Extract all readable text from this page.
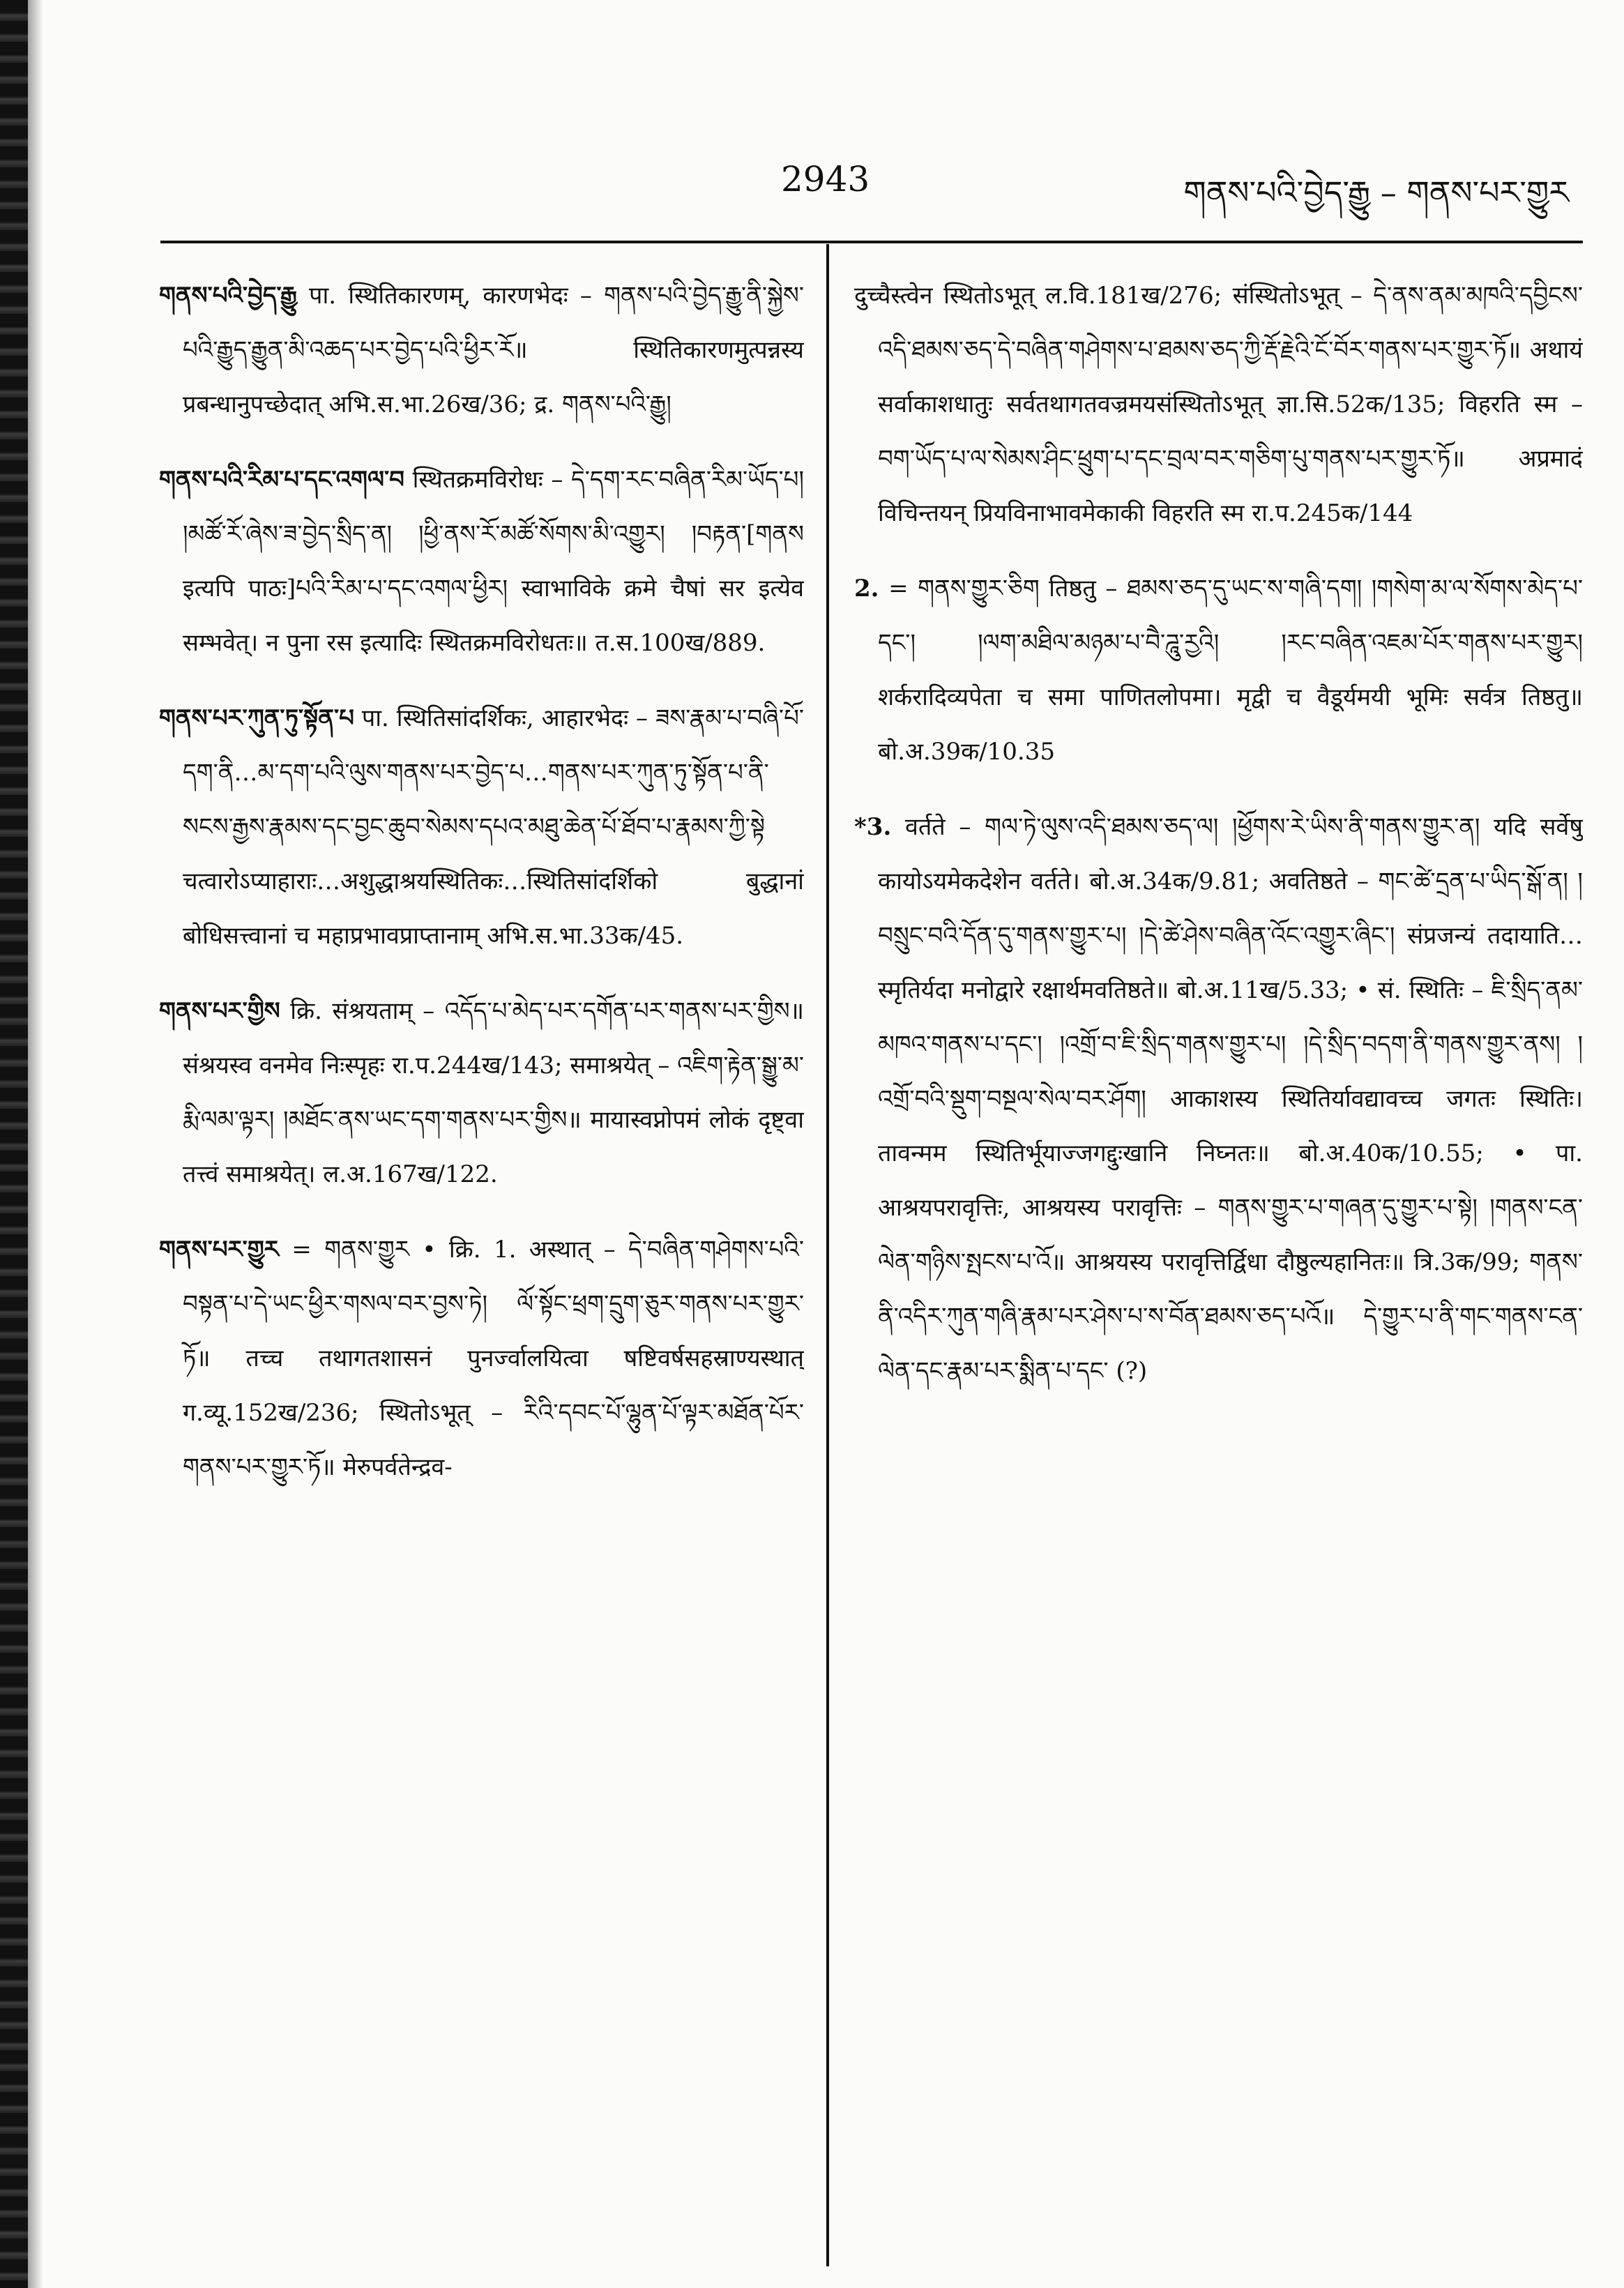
2943	གནས་པའི་བྱེད་རྒྱུ – གནས་པར་གྱུར

གནས་པའི་བྱེད་རྒྱུ पा. स्थितिकारणम्, कारणभेदः – གནས་པའི་བྱེད་རྒྱུ་ནི་སྐྱེས་པའི་རྒྱུད་རྒྱུན་མི་འཆད་པར་བྱེད་པའི་ཕྱིར་རོ॥ स्थितिकारणमुत्पन्नस्य प्रबन्धानुपच्छेदात् अभि.स.भा.26ख/36; द्र. གནས་པའི་རྒྱུ།

གནས་པའི་རིམ་པ་དང་འགལ་བ स्थितक्रमविरोधः – དེ་དག་རང་བཞིན་རིམ་ཡོད་པ། །མཚོ་རོ་ཞེས་ཟ་བྱེད་སྲིད་ན། །ཕྱི་ནས་རོ་མཚོ་སོགས་མི་འགྱུར། །བརྟན་[གནས इत्यपि पाठः]པའི་རིམ་པ་དང་འགལ་ཕྱིར། स्वाभाविके क्रमे चैषां सर इत्येव सम्भवेत्। न पुना रस इत्यादिः स्थितक्रमविरोधतः॥ त.स.100ख/889.

གནས་པར་ཀུན་ཏུ་སྟོན་པ पा. स्थितिसांदर्शिकः, आहारभेदः – ཟས་རྣམ་པ་བཞི་པོ་དག་ནི…མ་དག་པའི་ལུས་གནས་པར་བྱེད་པ…གནས་པར་ཀུན་ཏུ་སྟོན་པ་ནི་སངས་རྒྱས་རྣམས་དང་བྱང་ཆུབ་སེམས་དཔའ་མཐུ་ཆེན་པོ་ཐོབ་པ་རྣམས་ཀྱི་སྟེ चत्वारोऽप्याहाराः…अशुद्धाश्रयस्थितिकः…स्थितिसांदर्शिको बुद्धानां बोधिसत्त्वानां च महाप्रभावप्राप्तानाम् अभि.स.भा.33क/45.

གནས་པར་གྱིས क्रि. संश्रयताम् – འདོད་པ་མེད་པར་དགོན་པར་གནས་པར་གྱིས॥ संश्रयस्व वनमेव निःस्पृहः रा.प.244ख/143; समाश्रयेत् – འཇིག་རྟེན་སྒྱུ་མ་རྨི་ལམ་ལྟར། །མཐོང་ནས་ཡང་དག་གནས་པར་གྱིས॥ मायास्वप्नोपमं लोकं दृष्ट्वा तत्त्वं समाश्रयेत्। ल.अ.167ख/122.

གནས་པར་གྱུར = གནས་གྱུར • क्रि. 1. अस्थात् – དེ་བཞིན་གཤེགས་པའི་བསྟན་པ་དེ་ཡང་ཕྱིར་གསལ་བར་བྱས་ཏེ། ལོ་སྟོང་ཕྲག་དྲུག་ཅུར་གནས་པར་གྱུར་ཏོ॥ तच्च तथागतशासनं पुनर्ज्वालयित्वा षष्टिवर्षसहस्राण्यस्थात् ग.व्यू.152ख/236; स्थितोऽभूत् – རིའི་དབང་པོ་ལྷུན་པོ་ལྟར་མཐོན་པོར་གནས་པར་གྱུར་ཏོ॥ मेरुपर्वतेन्द्रव-

दुच्चैस्त्वेन स्थितोऽभूत् ल.वि.181ख/276; संस्थितोऽभूत् – དེ་ནས་ནམ་མཁའི་དབྱིངས་འདི་ཐམས་ཅད་དེ་བཞིན་གཤེགས་པ་ཐམས་ཅད་ཀྱི་རྡོ་རྗེའི་ངོ་བོར་གནས་པར་གྱུར་ཏོ॥ अथायं सर्वाकाशधातुः सर्वतथागतवज्रमयसंस्थितोऽभूत् ज्ञा.सि.52क/135; विहरति स्म – བག་ཡོད་པ་ལ་སེམས་ཤིང་ཕྲུག་པ་དང་བྲལ་བར་གཅིག་པུ་གནས་པར་གྱུར་ཏོ॥ अप्रमादं विचिन्तयन् प्रियविनाभावमेकाकी विहरति स्म रा.प.245क/144

2. = གནས་གྱུར་ཅིག तिष्ठतु – ཐམས་ཅད་དུ་ཡང་ས་གཞི་དག། །གསེག་མ་ལ་སོགས་མེད་པ་དང་། །ལག་མཐིལ་མཉམ་པ་བཻ་ཌཱུ་རྱའི། །རང་བཞིན་འཇམ་པོར་གནས་པར་གྱུར། शर्करादिव्यपेता च समा पाणितलोपमा। मृद्वी च वैडूर्यमयी भूमिः सर्वत्र तिष्ठतु॥ बो.अ.39क/10.35

*3. वर्तते – གལ་ཏེ་ལུས་འདི་ཐམས་ཅད་ལ། །ཕྱོགས་རེ་ཡིས་ནི་གནས་གྱུར་ན། यदि सर्वेषु कायोऽयमेकदेशेन वर्तते। बो.अ.34क/9.81; अवतिष्ठते – གང་ཚེ་དྲན་པ་ཡིད་སྒོ་ན། །བསྲུང་བའི་དོན་དུ་གནས་གྱུར་པ། །དེ་ཚེ་ཤེས་བཞིན་འོང་འགྱུར་ཞིང་། संप्रजन्यं तदायाति…स्मृतिर्यदा मनोद्वारे रक्षार्थमवतिष्ठते॥ बो.अ.11ख/5.33; • सं. स्थितिः – ཇི་སྲིད་ནམ་མཁའ་གནས་པ་དང་། །འགྲོ་བ་ཇི་སྲིད་གནས་གྱུར་པ། །དེ་སྲིད་བདག་ནི་གནས་གྱུར་ནས། །འགྲོ་བའི་སྡུག་བསྔལ་སེལ་བར་ཤོག། आकाशस्य स्थितिर्यावद्यावच्च जगतः स्थितिः। तावन्मम स्थितिर्भूयाज्जगद्दुःखानि निघ्नतः॥ बो.अ.40क/10.55; • पा. आश्रयपरावृत्तिः, आश्रयस्य परावृत्तिः – གནས་གྱུར་པ་གཞན་དུ་གྱུར་པ་སྟེ། །གནས་ངན་ལེན་གཉིས་སྤངས་པ་འོ॥ आश्रयस्य परावृत्तिर्द्विधा दौष्ठुल्यहानितः॥ त्रि.3क/99; གནས་ནི་འདིར་ཀུན་གཞི་རྣམ་པར་ཤེས་པ་ས་བོན་ཐམས་ཅད་པའོ॥ དེ་གྱུར་པ་ནི་གང་གནས་ངན་ལེན་དང་རྣམ་པར་སྨིན་པ་དང་ (?)
